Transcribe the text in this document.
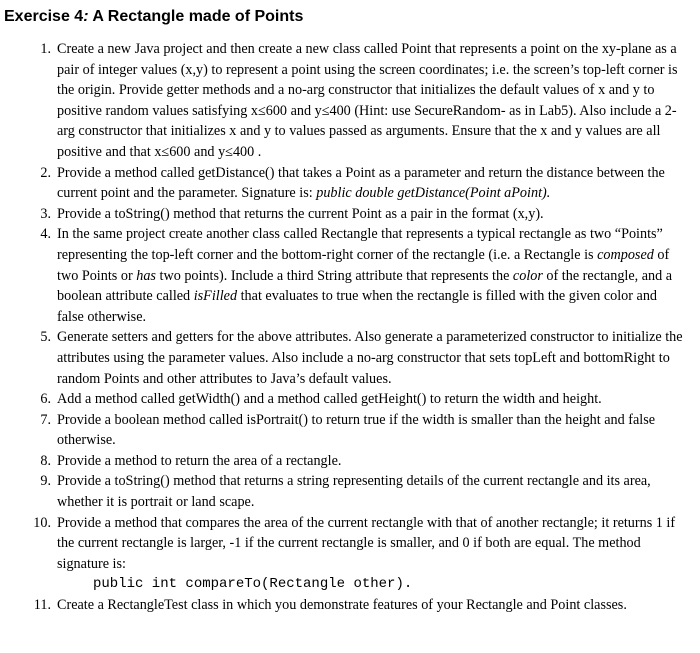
Exercise 4: A Rectangle made of Points
1. Create a new Java project and then create a new class called Point that represents a point on the xy-plane as a pair of integer values (x,y) to represent a point using the screen coordinates; i.e. the screen’s top-left corner is the origin. Provide getter methods and a no-arg constructor that initializes the default values of x and y to positive random values satisfying x≤600 and y≤400 (Hint: use SecureRandom- as in Lab5). Also include a 2-arg constructor that initializes x and y to values passed as arguments. Ensure that the x and y values are all positive and that x≤600 and y≤400 .
2. Provide a method called getDistance() that takes a Point as a parameter and return the distance between the current point and the parameter. Signature is: public double getDistance(Point aPoint).
3. Provide a toString() method that returns the current Point as a pair in the format (x,y).
4. In the same project create another class called Rectangle that represents a typical rectangle as two “Points” representing the top-left corner and the bottom-right corner of the rectangle (i.e. a Rectangle is composed of two Points or has two points). Include a third String attribute that represents the color of the rectangle, and a boolean attribute called isFilled that evaluates to true when the rectangle is filled with the given color and false otherwise.
5. Generate setters and getters for the above attributes. Also generate a parameterized constructor to initialize the attributes using the parameter values. Also include a no-arg constructor that sets topLeft and bottomRight to random Points and other attributes to Java’s default values.
6. Add a method called getWidth() and a method called getHeight() to return the width and height.
7. Provide a boolean method called isPortrait() to return true if the width is smaller than the height and false otherwise.
8. Provide a method to return the area of a rectangle.
9. Provide a toString() method that returns a string representing details of the current rectangle and its area, whether it is portrait or land scape.
10. Provide a method that compares the area of the current rectangle with that of another rectangle; it returns 1 if the current rectangle is larger, -1 if the current rectangle is smaller, and 0 if both are equal. The method signature is:
public int compareTo(Rectangle other).
11. Create a RectangleTest class in which you demonstrate features of your Rectangle and Point classes.
